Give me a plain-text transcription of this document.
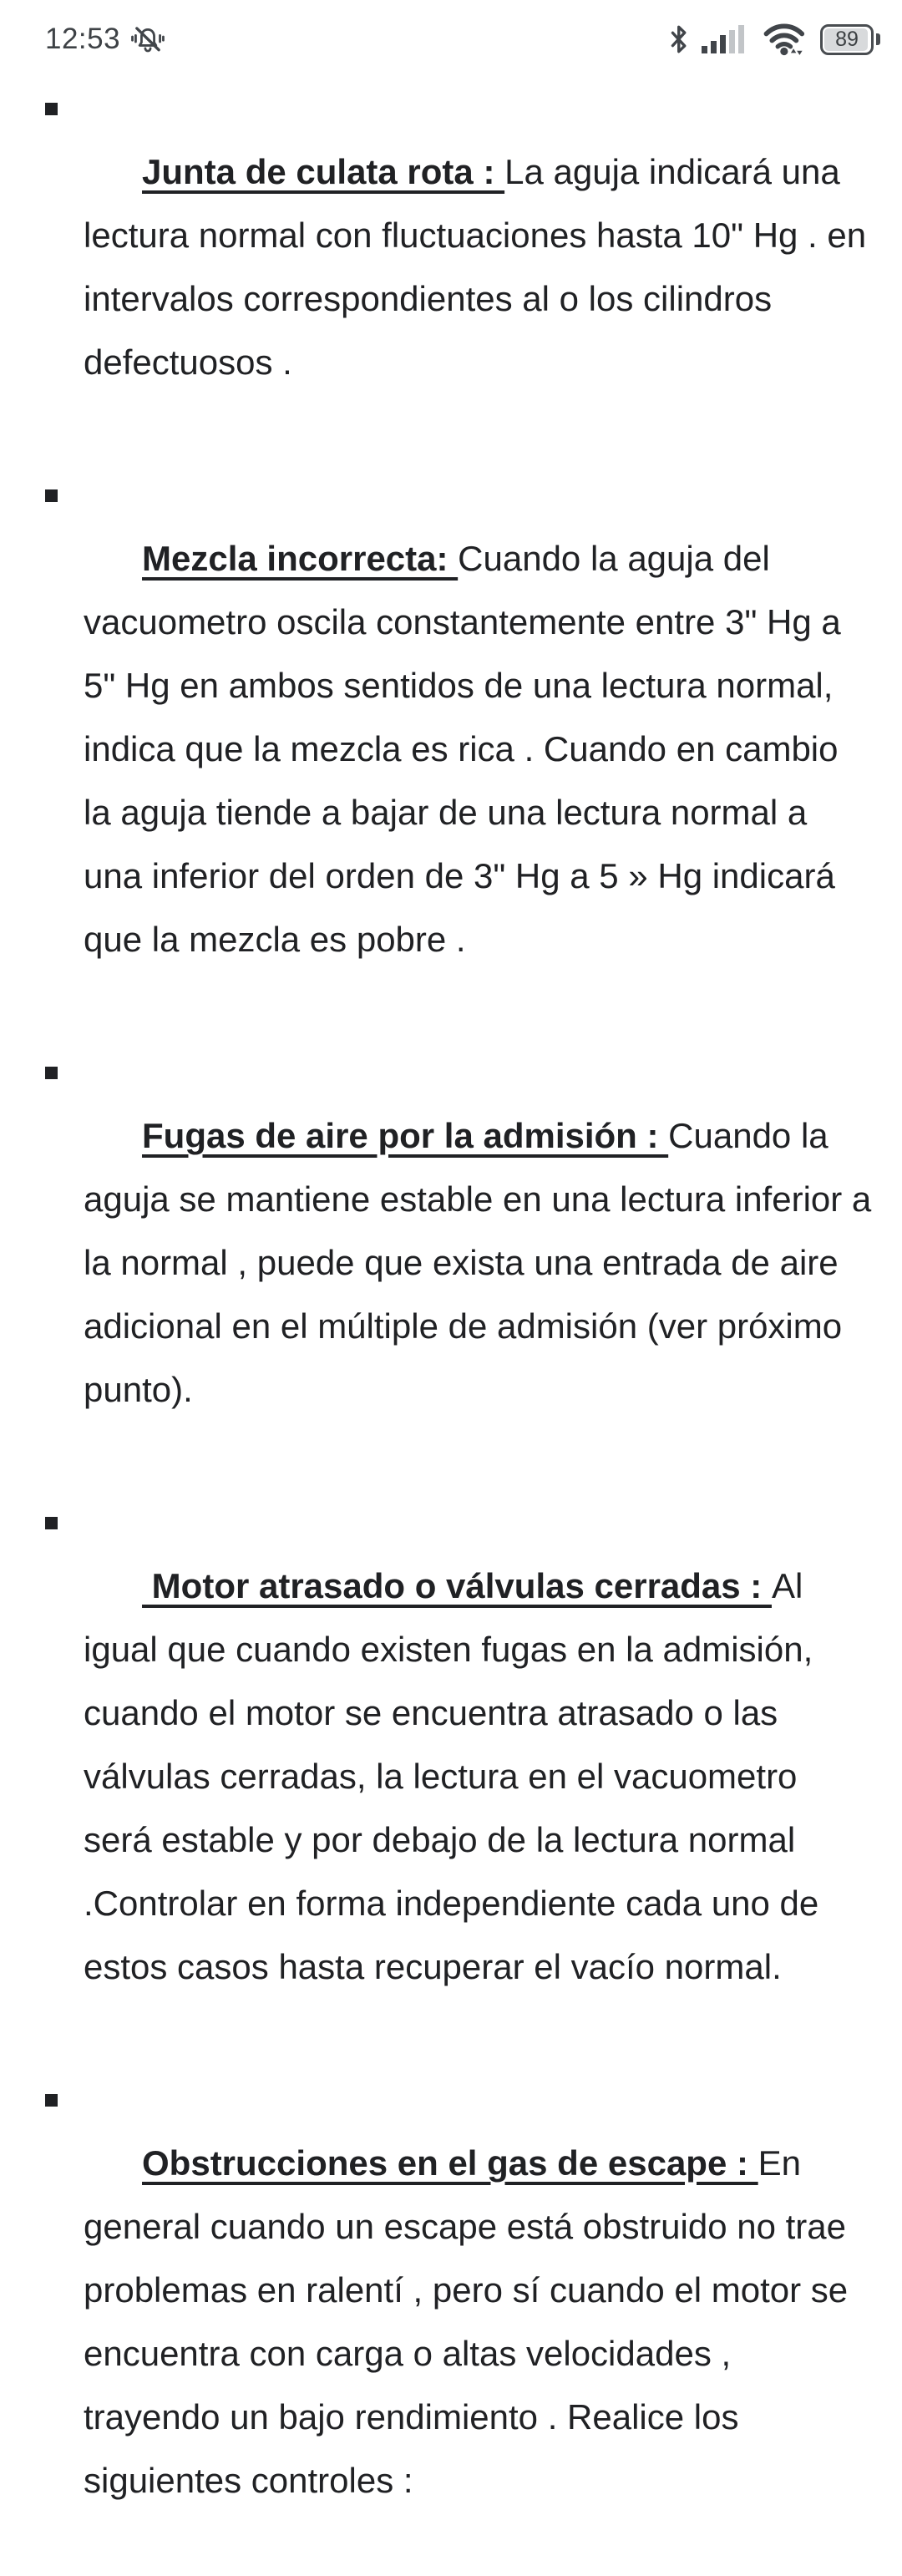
12:53	89

Junta de culata rota : La aguja indicará una lectura normal con fluctuaciones hasta 10" Hg . en intervalos correspondientes al o los cilindros defectuosos .

Mezcla incorrecta: Cuando la aguja del vacuometro oscila constantemente entre 3" Hg a 5" Hg en ambos sentidos de una lectura normal, indica que la mezcla es rica . Cuando en cambio la aguja tiende a bajar de una lectura normal a una inferior del orden de 3" Hg a 5 » Hg indicará que la mezcla es pobre .

Fugas de aire por la admisión : Cuando la aguja se mantiene estable en una lectura inferior a la normal , puede que exista una entrada de aire adicional en el múltiple de admisión (ver próximo punto).

Motor atrasado o válvulas cerradas : Al igual que cuando existen fugas en la admisión, cuando el motor se encuentra atrasado o las  válvulas cerradas, la lectura en el vacuometro será estable y por debajo de la lectura normal .Controlar en forma independiente cada uno de estos casos hasta recuperar el vacío normal.

Obstrucciones en el gas de escape : En general cuando un escape está obstruido no trae problemas en ralentí , pero sí cuando el motor se encuentra con carga o altas velocidades , trayendo un bajo rendimiento . Realice los siguientes controles :
